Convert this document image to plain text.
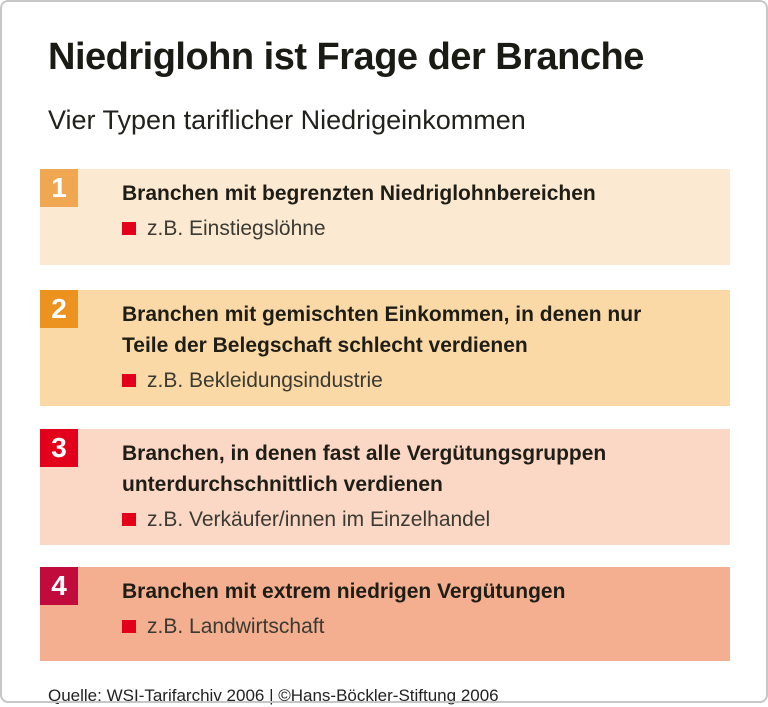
Niedriglohn ist Frage der Branche
Vier Typen tariflicher Niedrigeinkommen
1	Branchen mit begrenzten Niedriglohnbereichen
z.B. Einstiegslöhne
2	Branchen mit gemischten Einkommen, in denen nur Teile der Belegschaft schlecht verdienen
z.B. Bekleidungsindustrie
3	Branchen, in denen fast alle Vergütungsgruppen unterdurchschnittlich verdienen
z.B. Verkäufer/innen im Einzelhandel
4	Branchen mit extrem niedrigen Vergütungen
z.B. Landwirtschaft
Quelle: WSI-Tarifarchiv 2006 | ©Hans-Böckler-Stiftung 2006
